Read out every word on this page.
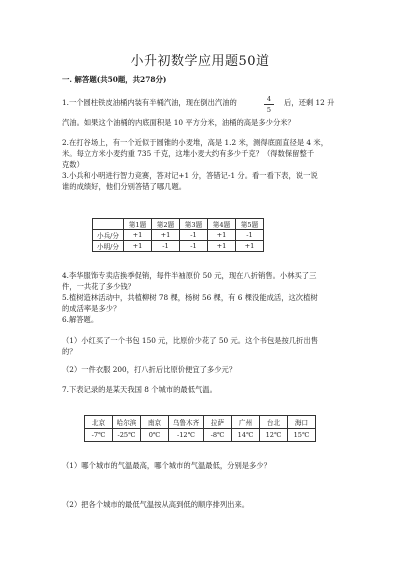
小升初数学应用题50道
一. 解答题(共50题，共278分)
1.一个圆柱铁皮油桶内装有半桶汽油，现在倒出汽油的	4
5
后，还剩 12 升
汽油。如果这个油桶的内底面积是 10 平方分米，油桶的高是多少分米？
2.在打谷场上，有一个近似于圆锥的小麦堆，高是 1.2 米，测得底面直径是 4 米，
米。每立方米小麦约重 735 千克，这堆小麦大约有多少千克？（得数保留整千
克数）
3.小兵和小明进行智力竞赛，答对记+1 分，答错记-1 分。看一看下表，说一说
谁的成绩好，他们分别答错了哪几题。
	第1题	第2题	第3题	第4题	第5题
小兵/分	+1	+1	-1	+1	-1
小明/分	+1	-1	-1	+1	+1
4.李华服饰专卖店换季促销，每件半袖原价 50 元，现在八折销售。小林买了三
件，一共花了多少钱？
5.植树造林活动中，共植柳树 78 棵，杨树 56 棵，有 6 棵没能成活，这次植树
的成活率是多少？
6.解答题。
（1）小红买了一个书包 150 元，比原价少花了 50 元。这个书包是按几折出售
的？
（2）一件衣服 200，打八折后比原价便宜了多少元？
7.下表记录的是某天我国 8 个城市的最低气温。
北京	哈尔滨	南京	乌鲁木齐	拉萨	广州	台北	海口
-7℃	-25℃	0℃	-12℃	-8℃	14℃	12℃	15℃
（1）哪个城市的气温最高，哪个城市的气温最低，分别是多少？
（2）把各个城市的最低气温按从高到低的顺序排列出来。
